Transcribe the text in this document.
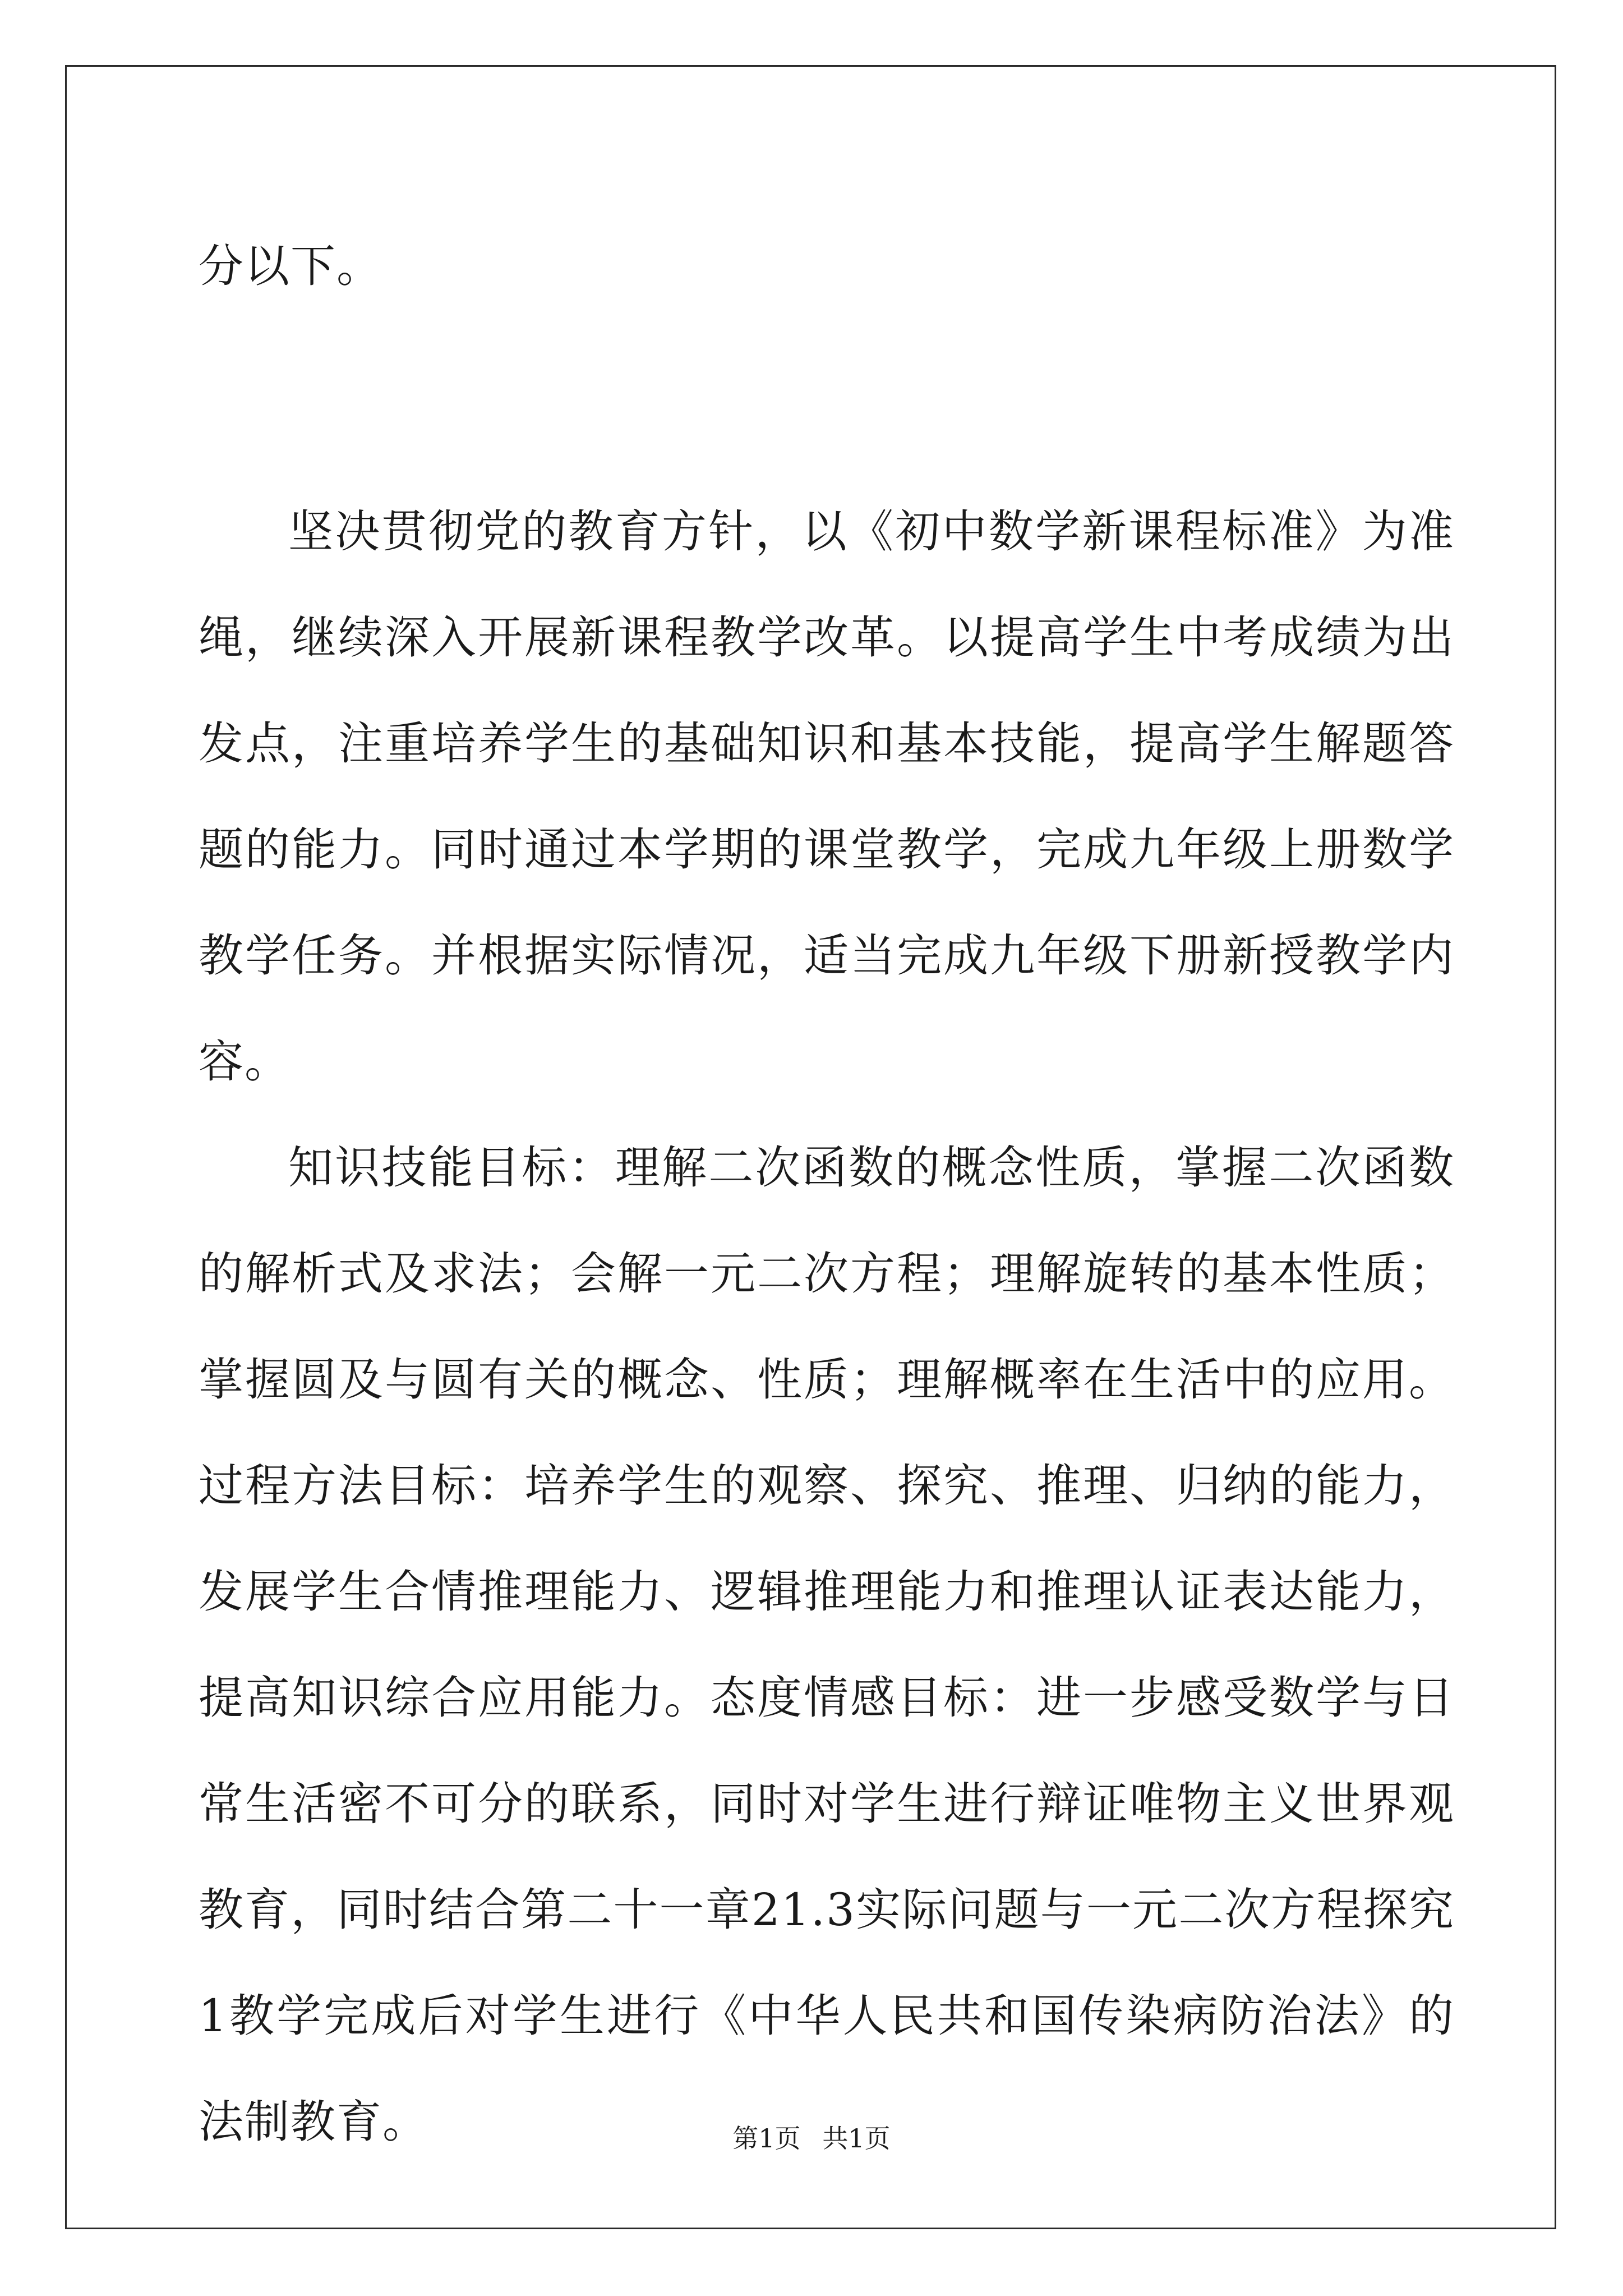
分以下。

坚决贯彻党的教育方针，以《初中数学新课程标准》为准绳，继续深入开展新课程教学改革。以提高学生中考成绩为出发点，注重培养学生的基础知识和基本技能，提高学生解题答题的能力。同时通过本学期的课堂教学，完成九年级上册数学教学任务。并根据实际情况，适当完成九年级下册新授教学内容。

知识技能目标：理解二次函数的概念性质，掌握二次函数的解析式及求法；会解一元二次方程；理解旋转的基本性质；掌握圆及与圆有关的概念、性质；理解概率在生活中的应用。过程方法目标：培养学生的观察、探究、推理、归纳的能力，发展学生合情推理能力、逻辑推理能力和推理认证表达能力，提高知识综合应用能力。态度情感目标：进一步感受数学与日常生活密不可分的联系，同时对学生进行辩证唯物主义世界观教育，同时结合第二十一章21.3实际问题与一元二次方程探究1教学完成后对学生进行《中华人民共和国传染病防治法》的法制教育。	第1页 共1页
